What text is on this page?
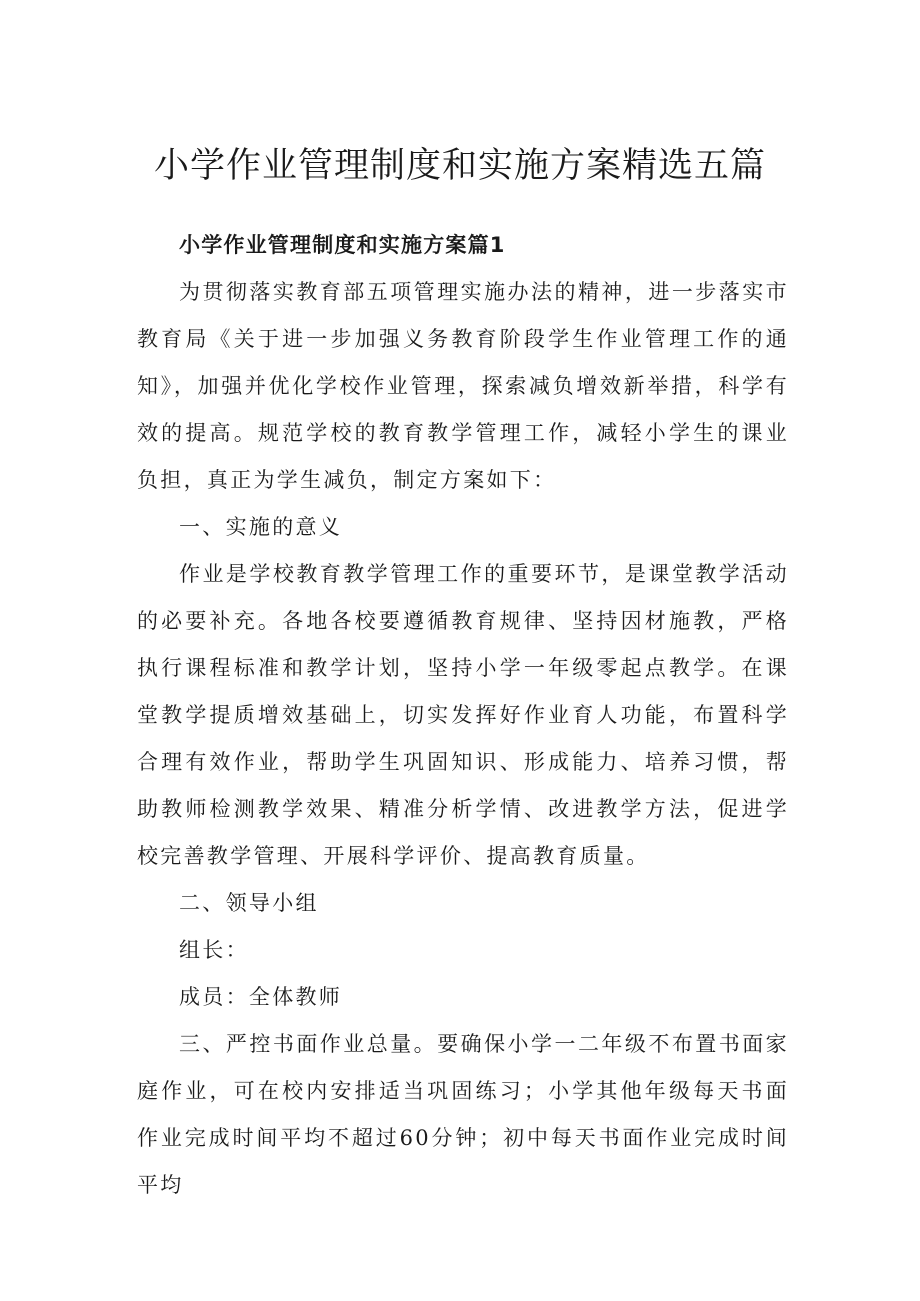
小学作业管理制度和实施方案精选五篇

小学作业管理制度和实施方案篇1

为贯彻落实教育部五项管理实施办法的精神，进一步落实市教育局《关于进一步加强义务教育阶段学生作业管理工作的通知》，加强并优化学校作业管理，探索减负增效新举措，科学有效的提高。规范学校的教育教学管理工作，减轻小学生的课业负担，真正为学生减负，制定方案如下：

一、实施的意义

作业是学校教育教学管理工作的重要环节，是课堂教学活动的必要补充。各地各校要遵循教育规律、坚持因材施教，严格执行课程标准和教学计划，坚持小学一年级零起点教学。在课堂教学提质增效基础上，切实发挥好作业育人功能，布置科学合理有效作业，帮助学生巩固知识、形成能力、培养习惯，帮助教师检测教学效果、精准分析学情、改进教学方法，促进学校完善教学管理、开展科学评价、提高教育质量。

二、领导小组

组长：

成员：全体教师

三、严控书面作业总量。要确保小学一二年级不布置书面家庭作业，可在校内安排适当巩固练习；小学其他年级每天书面作业完成时间平均不超过60分钟；初中每天书面作业完成时间平均
